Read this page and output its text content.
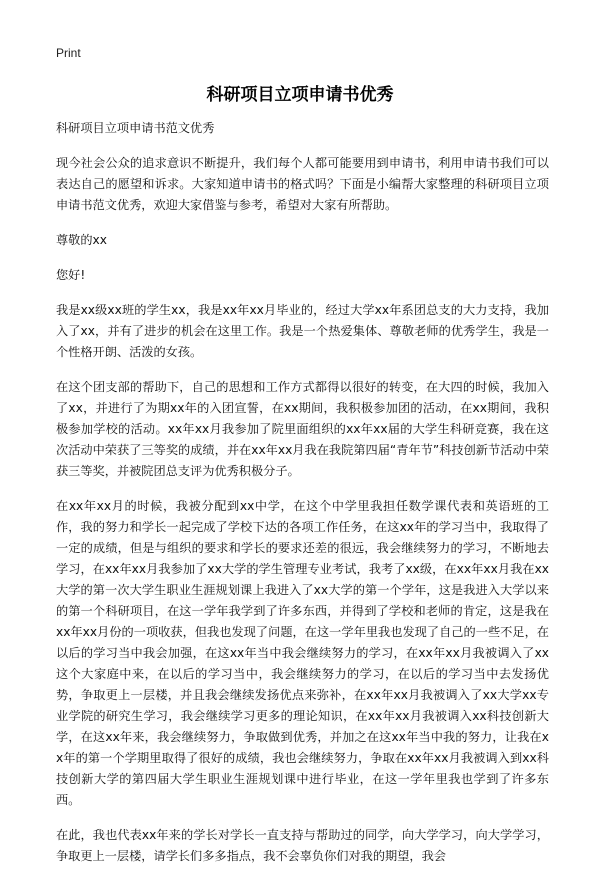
Print
科研项目立项申请书优秀

科研项目立项申请书范文优秀

现今社会公众的追求意识不断提升，我们每个人都可能要用到申请书，利用申请书我们可以表达自己的愿望和诉求。大家知道申请书的格式吗？下面是小编帮大家整理的科研项目立项申请书范文优秀，欢迎大家借鉴与参考，希望对大家有所帮助。

尊敬的xx

您好!

我是xx级xx班的学生xx，我是xx年xx月毕业的，经过大学xx年系团总支的大力支持，我加入了xx，并有了进步的机会在这里工作。我是一个热爱集体、尊敬老师的优秀学生，我是一个性格开朗、活泼的女孩。

在这个团支部的帮助下，自己的思想和工作方式都得以很好的转变，在大四的时候，我加入了xx，并进行了为期xx年的入团宣誓，在xx期间，我积极参加团的活动，在xx期间，我积极参加学校的活动。xx年xx月我参加了院里面组织的xx年xx届的大学生科研竞赛，我在这次活动中荣获了三等奖的成绩，并在xx年xx月我在我院第四届“青年节”科技创新节活动中荣获三等奖，并被院团总支评为优秀积极分子。

在xx年xx月的时候，我被分配到xx中学，在这个中学里我担任数学课代表和英语班的工作，我的努力和学长一起完成了学校下达的各项工作任务，在这xx年的学习当中，我取得了一定的成绩，但是与组织的要求和学长的要求还差的很远，我会继续努力的学习，不断地去学习，在xx年xx月我参加了xx大学的学生管理专业考试，我考了xx级，在xx年xx月我在xx大学的第一次大学生职业生涯规划课上我进入了xx大学的第一个学年，这是我进入大学以来的第一个科研项目，在这一学年我学到了许多东西，并得到了学校和老师的肯定，这是我在xx年xx月份的一项收获，但我也发现了问题，在这一学年里我也发现了自己的一些不足，在以后的学习当中我会加强，在这xx年当中我会继续努力的学习，在xx年xx月我被调入了xx这个大家庭中来，在以后的学习当中，我会继续努力的学习，在以后的学习当中去发扬优势，争取更上一层楼，并且我会继续发扬优点来弥补，在xx年xx月我被调入了xx大学xx专业学院的研究生学习，我会继续学习更多的理论知识，在xx年xx月我被调入xx科技创新大学，在这xx年来，我会继续努力，争取做到优秀，并加之在这xx年当中我的努力，让我在xx年的第一个学期里取得了很好的成绩，我也会继续努力，争取在xx年xx月我被调入到xx科技创新大学的第四届大学生职业生涯规划课中进行毕业，在这一学年里我也学到了许多东西。

在此，我也代表xx年来的学长对学长一直支持与帮助过的同学，向大学学习，向大学学习，争取更上一层楼，请学长们多多指点，我不会辜负你们对我的期望，我会
